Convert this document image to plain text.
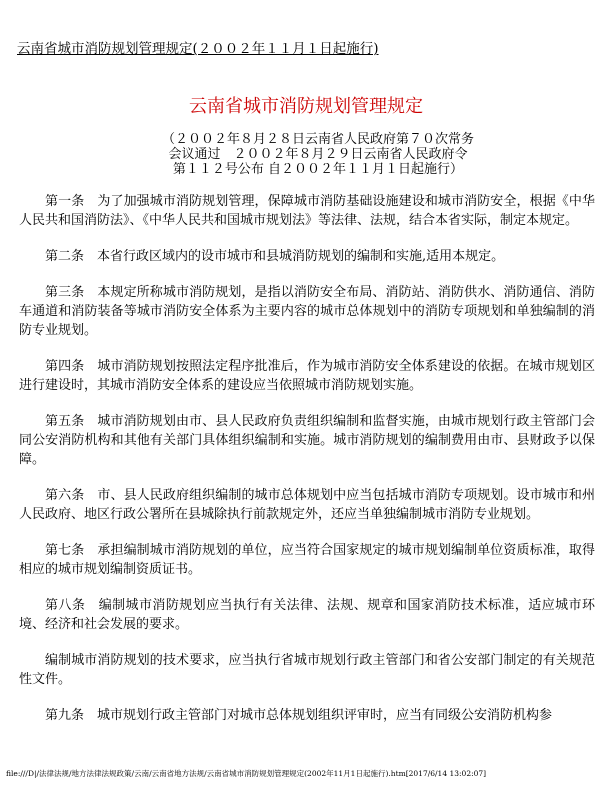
云南省城市消防规划管理规定(２００２年１１月１日起施行)
云南省城市消防规划管理规定
（２００２年８月２８日云南省人民政府第７０次常务
会议通过　２００２年８月２９日云南省人民政府令
第１１２号公布 自２００２年１１月１日起施行）

第一条　为了加强城市消防规划管理，保障城市消防基础设施建设和城市消防安全，根据《中华人民共和国消防法》、《中华人民共和国城市规划法》等法律、法规，结合本省实际，制定本规定。

第二条　本省行政区域内的设市城市和县城消防规划的编制和实施,适用本规定。

第三条　本规定所称城市消防规划，是指以消防安全布局、消防站、消防供水、消防通信、消防车通道和消防装备等城市消防安全体系为主要内容的城市总体规划中的消防专项规划和单独编制的消防专业规划。

第四条　城市消防规划按照法定程序批准后，作为城市消防安全体系建设的依据。在城市规划区进行建设时，其城市消防安全体系的建设应当依照城市消防规划实施。

第五条　城市消防规划由市、县人民政府负责组织编制和监督实施，由城市规划行政主管部门会同公安消防机构和其他有关部门具体组织编制和实施。城市消防规划的编制费用由市、县财政予以保障。

第六条　市、县人民政府组织编制的城市总体规划中应当包括城市消防专项规划。设市城市和州人民政府、地区行政公署所在县城除执行前款规定外，还应当单独编制城市消防专业规划。

第七条　承担编制城市消防规划的单位，应当符合国家规定的城市规划编制单位资质标准，取得相应的城市规划编制资质证书。

第八条　编制城市消防规划应当执行有关法律、法规、规章和国家消防技术标准，适应城市环境、经济和社会发展的要求。

编制城市消防规划的技术要求，应当执行省城市规划行政主管部门和省公安部门制定的有关规范性文件。

第九条　城市规划行政主管部门对城市总体规划组织评审时，应当有同级公安消防机构参

file:///D|/法律法规/地方法律法规政策/云南/云南省地方法规/云南省城市消防规划管理规定(2002年11月1日起施行).htm[2017/6/14 13:02:07]
